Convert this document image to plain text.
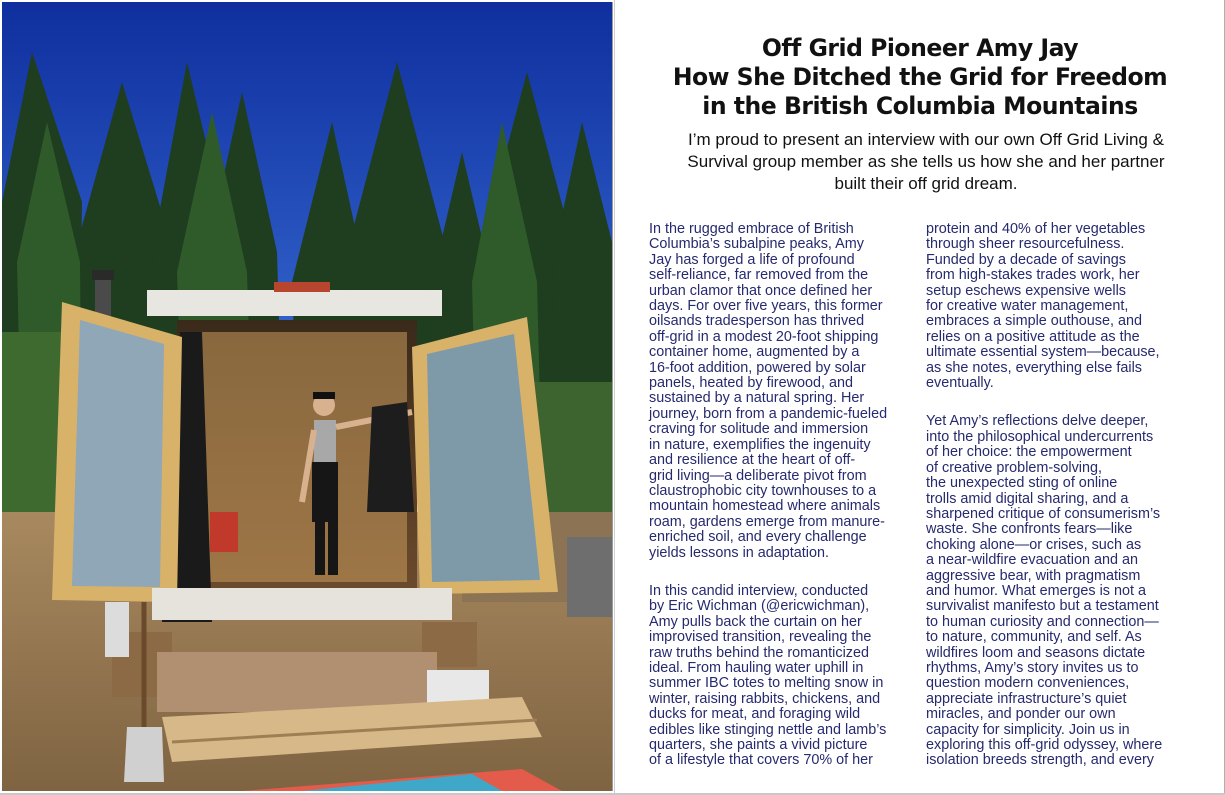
Off Grid Pioneer Amy Jay
How She Ditched the Grid for Freedom
in the British Columbia Mountains

I’m proud to present an interview with our own Off Grid Living &
Survival group member as she tells us how she and her partner
built their off grid dream.

In the rugged embrace of British
Columbia’s subalpine peaks, Amy
Jay has forged a life of profound
self-reliance, far removed from the
urban clamor that once defined her
days. For over five years, this former
oilsands tradesperson has thrived
off-grid in a modest 20-foot shipping
container home, augmented by a
16-foot addition, powered by solar
panels, heated by firewood, and
sustained by a natural spring. Her
journey, born from a pandemic-fueled
craving for solitude and immersion
in nature, exemplifies the ingenuity
and resilience at the heart of off-
grid living—a deliberate pivot from
claustrophobic city townhouses to a
mountain homestead where animals
roam, gardens emerge from manure-
enriched soil, and every challenge
yields lessons in adaptation.

In this candid interview, conducted
by Eric Wichman (@ericwichman),
Amy pulls back the curtain on her
improvised transition, revealing the
raw truths behind the romanticized
ideal. From hauling water uphill in
summer IBC totes to melting snow in
winter, raising rabbits, chickens, and
ducks for meat, and foraging wild
edibles like stinging nettle and lamb’s
quarters, she paints a vivid picture
of a lifestyle that covers 70% of her

protein and 40% of her vegetables
through sheer resourcefulness.
Funded by a decade of savings
from high-stakes trades work, her
setup eschews expensive wells
for creative water management,
embraces a simple outhouse, and
relies on a positive attitude as the
ultimate essential system—because,
as she notes, everything else fails
eventually.

Yet Amy’s reflections delve deeper,
into the philosophical undercurrents
of her choice: the empowerment
of creative problem-solving,
the unexpected sting of online
trolls amid digital sharing, and a
sharpened critique of consumerism’s
waste. She confronts fears—like
choking alone—or crises, such as
a near-wildfire evacuation and an
aggressive bear, with pragmatism
and humor. What emerges is not a
survivalist manifesto but a testament
to human curiosity and connection—
to nature, community, and self. As
wildfires loom and seasons dictate
rhythms, Amy’s story invites us to
question modern conveniences,
appreciate infrastructure’s quiet
miracles, and ponder our own
capacity for simplicity. Join us in
exploring this off-grid odyssey, where
isolation breeds strength, and every
